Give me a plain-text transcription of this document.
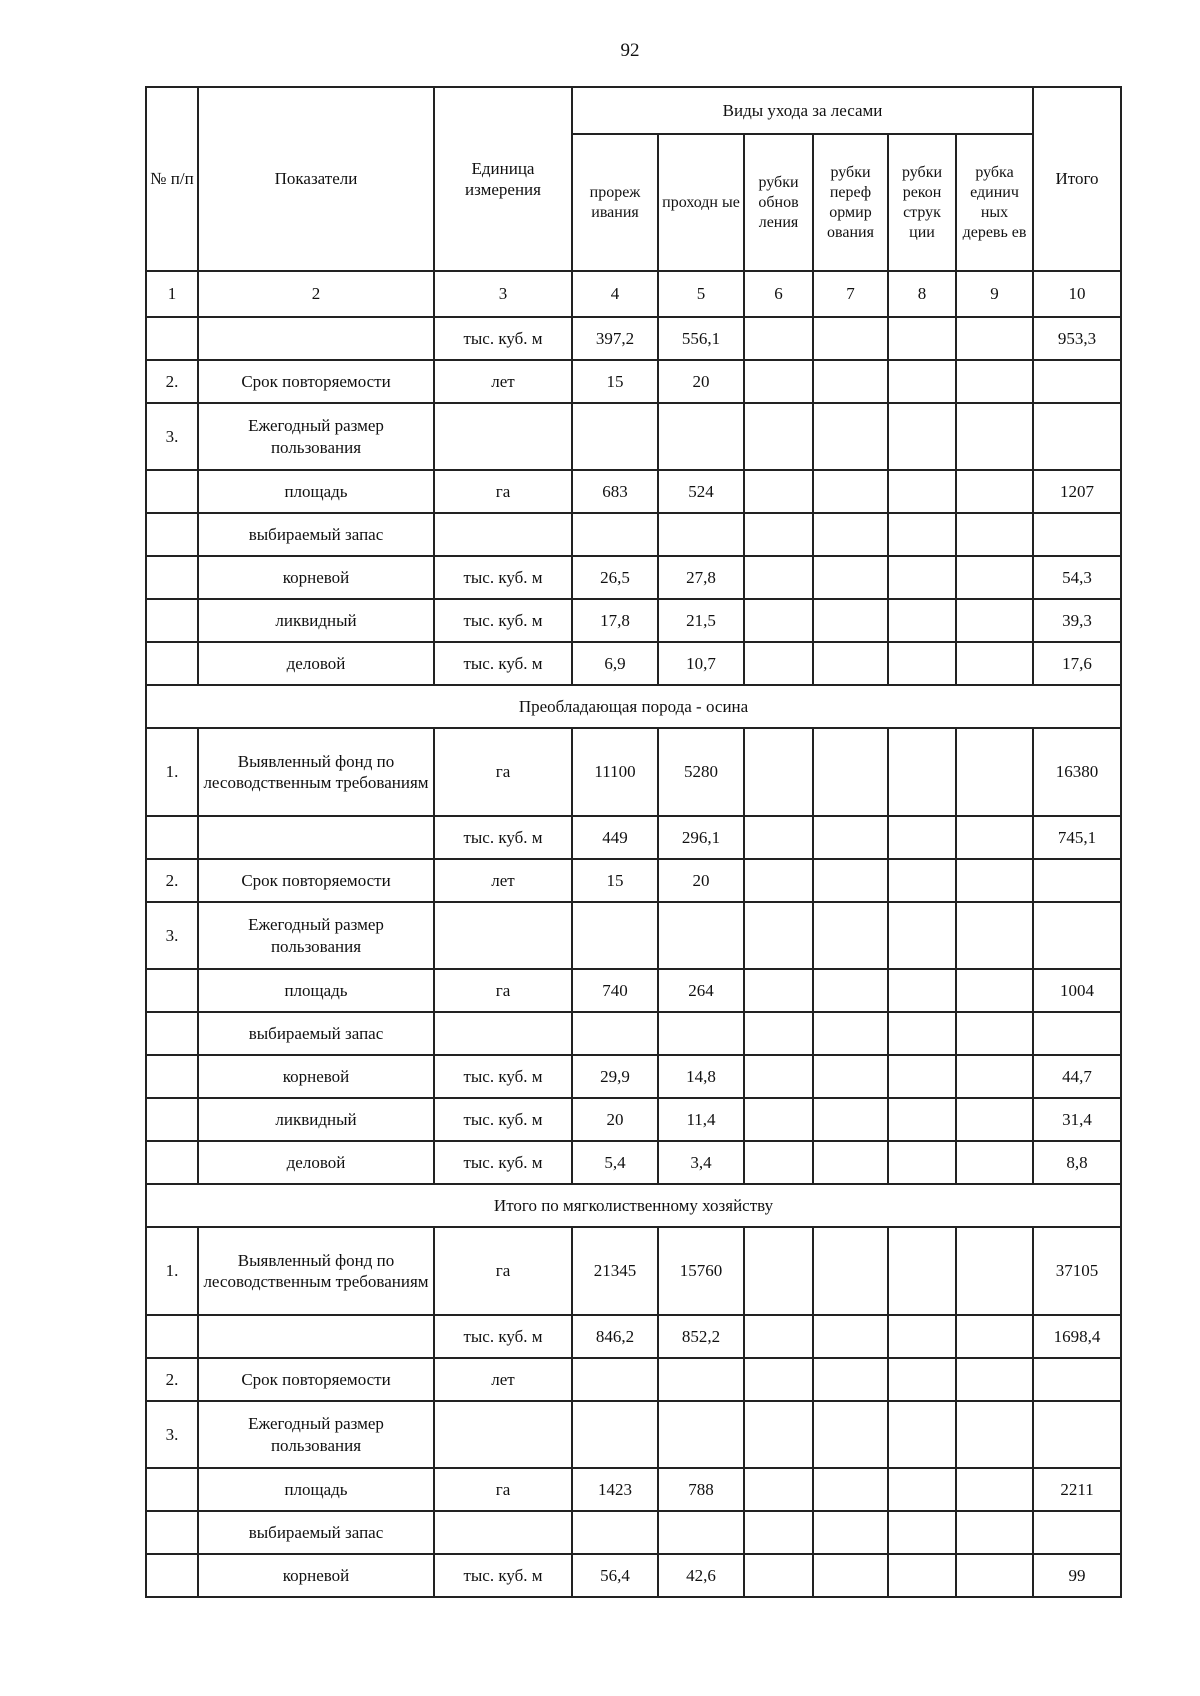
92
№ п/п	Показатели	Единица измерения	Виды ухода за лесами						Итого
			прореж ивания	проходн ые	рубки обнов ления	рубки переф ормир ования	рубки рекон струк ции	рубка единич ных деревь ев	
1	2	3	4	5	6	7	8	9	10
		тыс. куб. м	397,2	556,1					953,3
2.	Срок повторяемости	лет	15	20					
3.	Ежегодный размер пользования								
	площадь	га	683	524					1207
	выбираемый запас								
	корневой	тыс. куб. м	26,5	27,8					54,3
	ликвидный	тыс. куб. м	17,8	21,5					39,3
	деловой	тыс. куб. м	6,9	10,7					17,6
Преобладающая порода - осина									
1.	Выявленный фонд по лесоводственным требованиям	га	11100	5280					16380
		тыс. куб. м	449	296,1					745,1
2.	Срок повторяемости	лет	15	20					
3.	Ежегодный размер пользования								
	площадь	га	740	264					1004
	выбираемый запас								
	корневой	тыс. куб. м	29,9	14,8					44,7
	ликвидный	тыс. куб. м	20	11,4					31,4
	деловой	тыс. куб. м	5,4	3,4					8,8
Итого по мягколиственному хозяйству									
1.	Выявленный фонд по лесоводственным требованиям	га	21345	15760					37105
		тыс. куб. м	846,2	852,2					1698,4
2.	Срок повторяемости	лет							
3.	Ежегодный размер пользования								
	площадь	га	1423	788					2211
	выбираемый запас								
	корневой	тыс. куб. м	56,4	42,6					99
